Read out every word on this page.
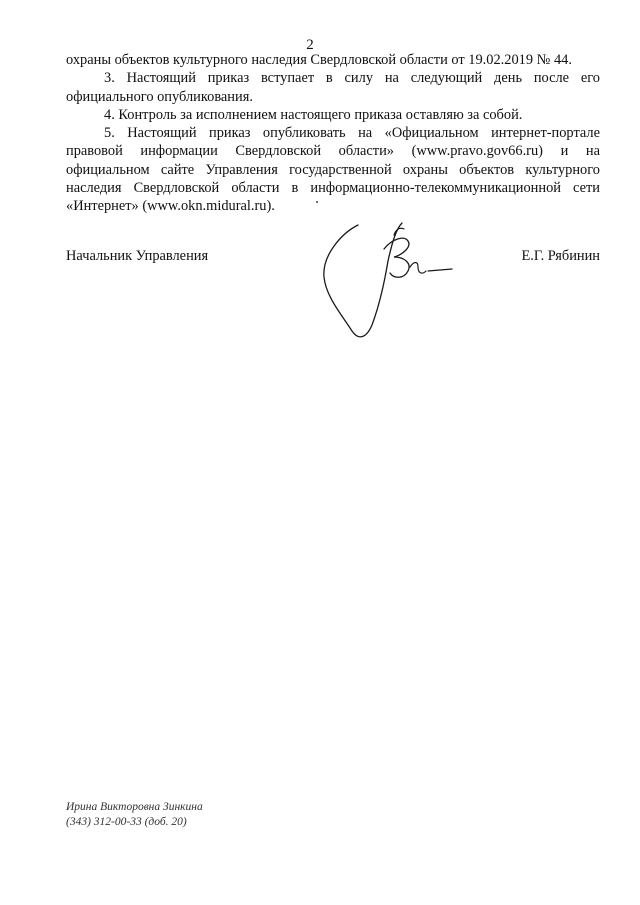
2

охраны объектов культурного наследия Свердловской области от 19.02.2019 № 44.

3. Настоящий приказ вступает в силу на следующий день после его официального опубликования.

4. Контроль за исполнением настоящего приказа оставляю за собой.

5. Настоящий приказ опубликовать на «Официальном интернет-портале правовой информации Свердловской области» (www.pravo.gov66.ru) и на официальном сайте Управления государственной охраны объектов культурного наследия Свердловской области в информационно-телекоммуникационной сети «Интернет» (www.okn.midural.ru).

Начальник Управления	Е.Г. Рябинин
Ирина Викторовна Зинкина
(343) 312-00-33 (доб. 20)
